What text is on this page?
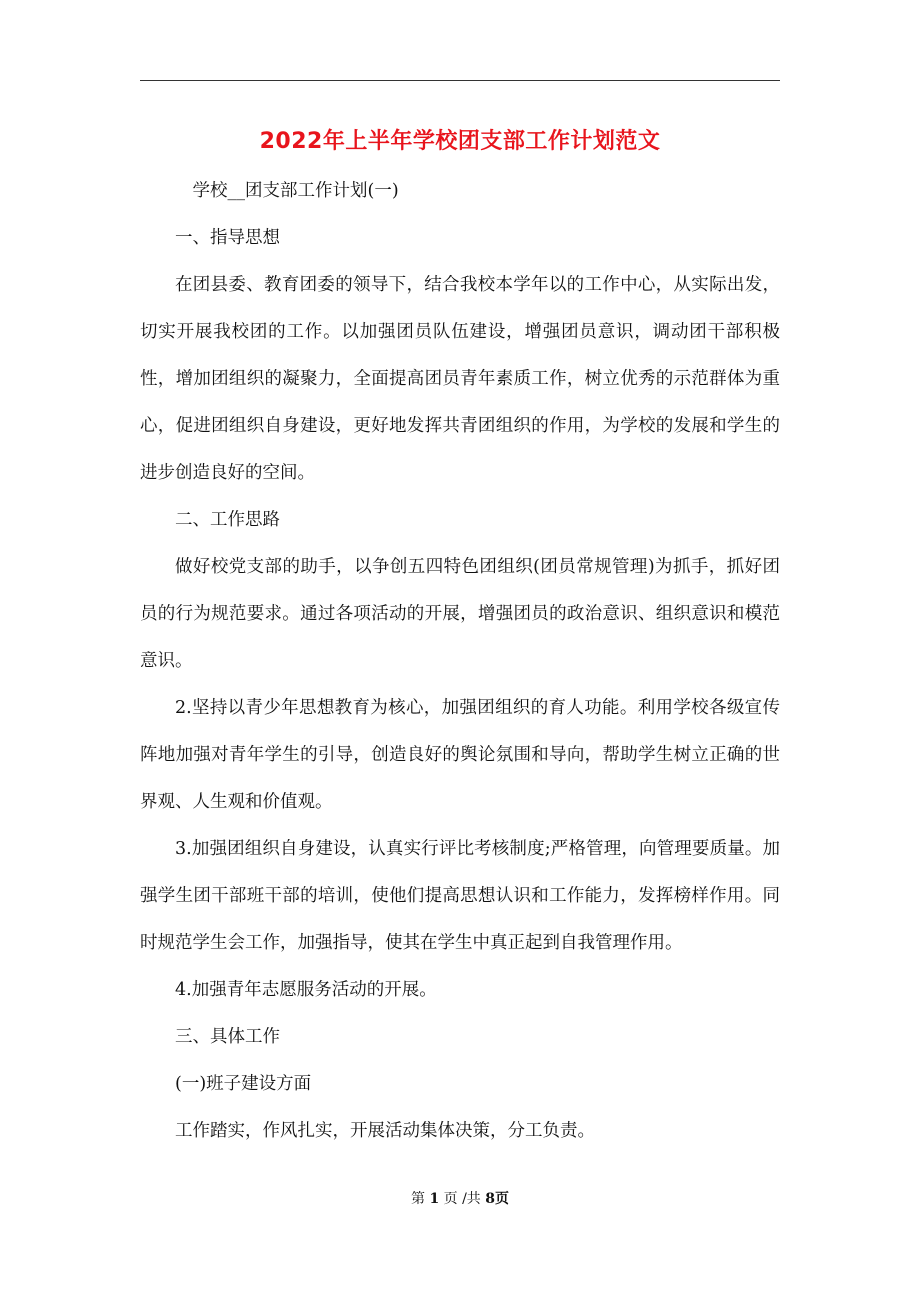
2022年上半年学校团支部工作计划范文

学校__团支部工作计划(一)

一、指导思想

在团县委、教育团委的领导下，结合我校本学年以的工作中心，从实际出发，切实开展我校团的工作。以加强团员队伍建设，增强团员意识，调动团干部积极性，增加团组织的凝聚力，全面提高团员青年素质工作，树立优秀的示范群体为重心，促进团组织自身建设，更好地发挥共青团组织的作用，为学校的发展和学生的进步创造良好的空间。

二、工作思路

做好校党支部的助手，以争创五四特色团组织(团员常规管理)为抓手，抓好团员的行为规范要求。通过各项活动的开展，增强团员的政治意识、组织意识和模范意识。

2.坚持以青少年思想教育为核心，加强团组织的育人功能。利用学校各级宣传阵地加强对青年学生的引导，创造良好的舆论氛围和导向，帮助学生树立正确的世界观、人生观和价值观。

3.加强团组织自身建设，认真实行评比考核制度;严格管理，向管理要质量。加强学生团干部班干部的培训，使他们提高思想认识和工作能力，发挥榜样作用。同时规范学生会工作，加强指导，使其在学生中真正起到自我管理作用。

4.加强青年志愿服务活动的开展。

三、具体工作

(一)班子建设方面

工作踏实，作风扎实，开展活动集体决策，分工负责。

第 1 页 /共 8页
